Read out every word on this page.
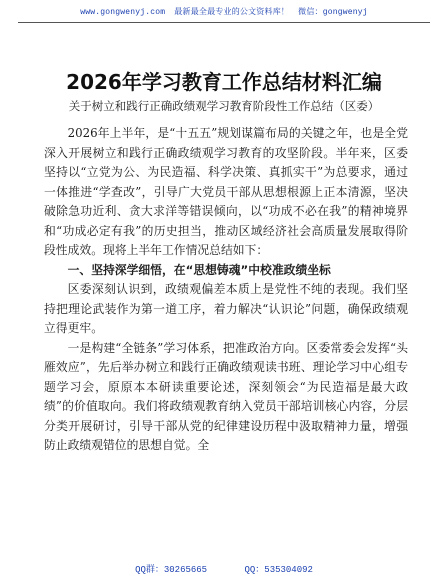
www.gongwenyj.com 最新最全最专业的公文资料库！ 微信：gongwenyj
2026年学习教育工作总结材料汇编
关于树立和践行正确政绩观学习教育阶段性工作总结（区委）

2026年上半年，是“十五五”规划谋篇布局的关键之年，也是全党深入开展树立和践行正确政绩观学习教育的攻坚阶段。半年来，区委坚持以“立党为公、为民造福、科学决策、真抓实干”为总要求，通过一体推进“学查改”，引导广大党员干部从思想根源上正本清源，坚决破除急功近利、贪大求洋等错误倾向，以“功成不必在我”的精神境界和“功成必定有我”的历史担当，推动区域经济社会高质量发展取得阶段性成效。现将上半年工作情况总结如下：

一、坚持深学细悟，在“思想铸魂”中校准政绩坐标

区委深刻认识到，政绩观偏差本质上是党性不纯的表现。我们坚持把理论武装作为第一道工序，着力解决“认识论”问题，确保政绩观立得更牢。

一是构建“全链条”学习体系，把准政治方向。区委常委会发挥“头雁效应”，先后举办树立和践行正确政绩观读书班、理论学习中心组专题学习会，原原本本研读重要论述，深刻领会“为民造福是最大政绩”的价值取向。我们将政绩观教育纳入党员干部培训核心内容，分层分类开展研讨，引导干部从党的纪律建设历程中汲取精神力量，增强防止政绩观错位的思想自觉。全

QQ群：30265665	QQ：535304092
